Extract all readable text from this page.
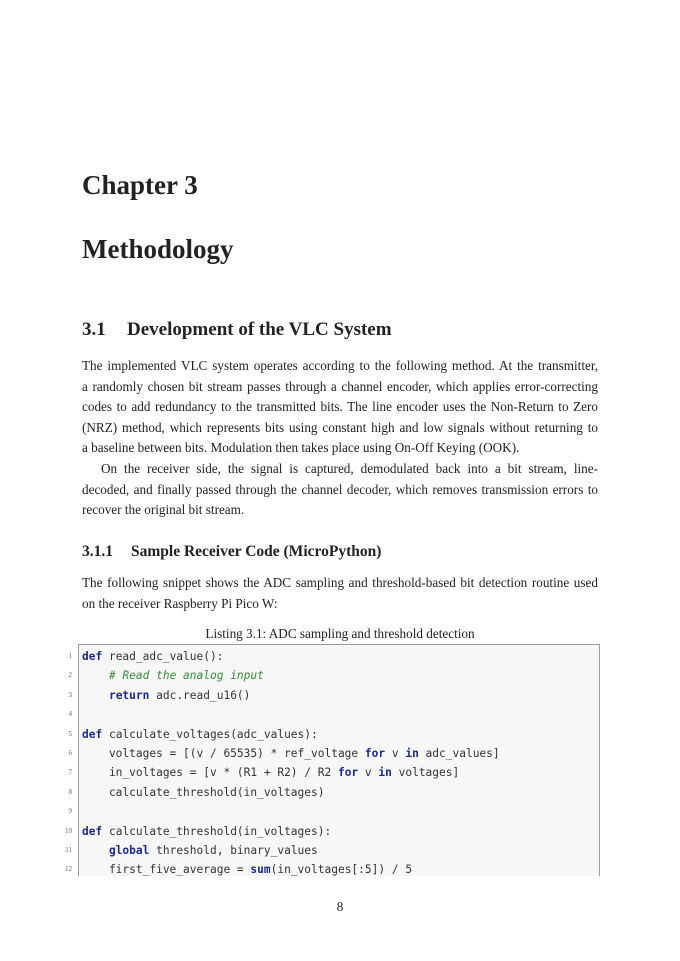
Chapter 3
Methodology
3.1 Development of the VLC System

The implemented VLC system operates according to the following method. At the transmitter,
a randomly chosen bit stream passes through a channel encoder, which applies error-correcting
codes to add redundancy to the transmitted bits. The line encoder uses the Non-Return to Zero
(NRZ) method, which represents bits using constant high and low signals without returning to
a baseline between bits. Modulation then takes place using On-Off Keying (OOK).

On the receiver side, the signal is captured, demodulated back into a bit stream, line-
decoded, and finally passed through the channel decoder, which removes transmission errors to
recover the original bit stream.

3.1.1 Sample Receiver Code (MicroPython)

The following snippet shows the ADC sampling and threshold-based bit detection routine used
on the receiver Raspberry Pi Pico W:

Listing 3.1: ADC sampling and threshold detection

1 def read_adc_value():
2	# Read the analog input
3	return adc.read_u16()
4
5 def calculate_voltages(adc_values):
6 voltages = [(v / 65535) * ref_voltage for v in adc_values]
7 in_voltages = [v * (R1 + R2) / R2 for v in voltages]
8 calculate_threshold(in_voltages)
9
10 def calculate_threshold(in_voltages):
11	global threshold, binary_values
12 first_five_average = sum(in_voltages[:5]) / 5

8
